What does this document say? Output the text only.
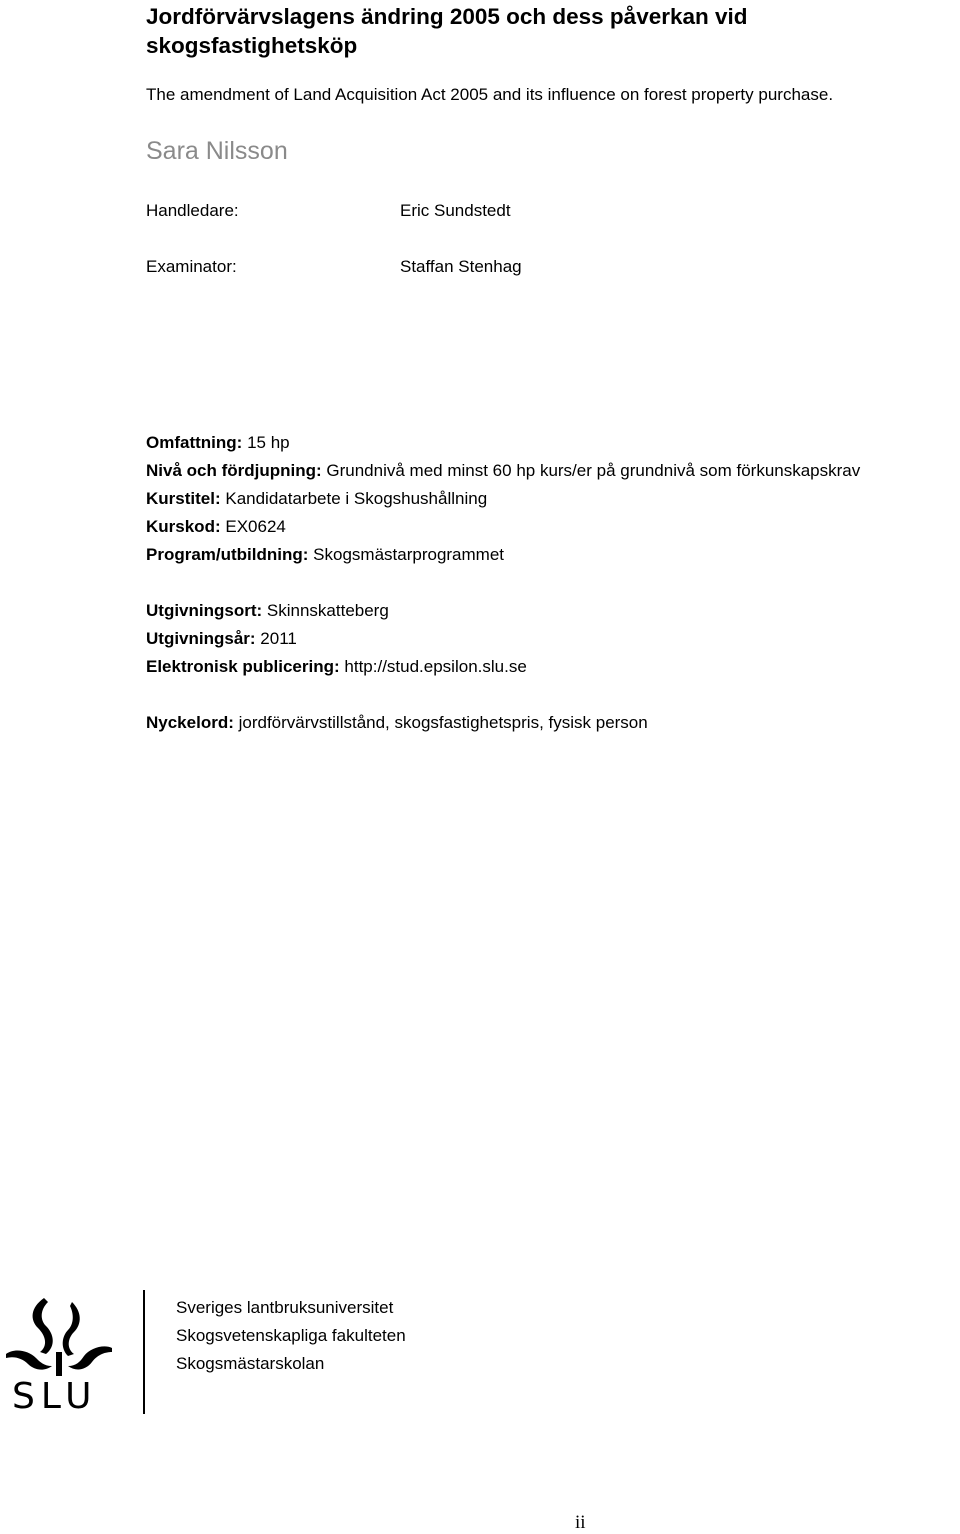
Jordförvärvslagens ändring 2005 och dess påverkan vid skogsfastighetsköp
The amendment of Land Acquisition Act 2005 and its influence on forest property purchase.
Sara Nilsson
Handledare:	Eric Sundstedt
Examinator:	Staffan Stenhag
Omfattning: 15 hp
Nivå och fördjupning: Grundnivå med minst 60 hp kurs/er på grundnivå som förkunskapskrav
Kurstitel: Kandidatarbete i Skogshushållning
Kurskod: EX0624
Program/utbildning: Skogsmästarprogrammet
Utgivningsort: Skinnskatteberg
Utgivningsår: 2011
Elektronisk publicering: http://stud.epsilon.slu.se
Nyckelord: jordförvärvstillstånd, skogsfastighetspris, fysisk person
SLU
Sveriges lantbruksuniversitet
Skogsvetenskapliga fakulteten
Skogsmästarskolan
ii
